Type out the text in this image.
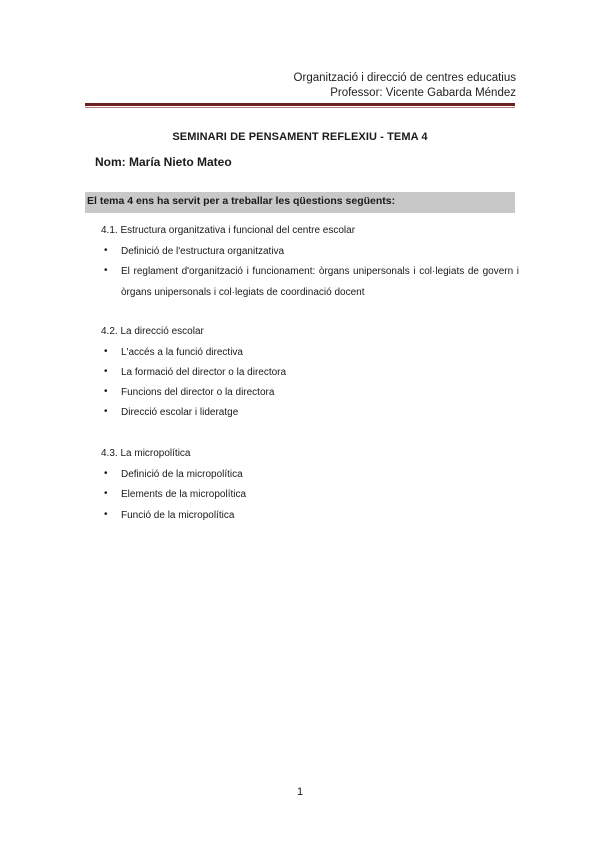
Organització i direcció de centres educatius
Professor: Vicente Gabarda Méndez
SEMINARI DE PENSAMENT REFLEXIU - TEMA 4
Nom: María Nieto Mateo
El tema 4 ens ha servit per a treballar les qüestions següents:
4.1. Estructura organitzativa i funcional del centre escolar
• Definició de l'estructura organitzativa
• El reglament d'organització i funcionament: òrgans unipersonals i col·legiats de govern i
òrgans unipersonals i col·legiats de coordinació docent
4.2. La direcció escolar
• L'accés a la funció directiva
• La formació del director o la directora
• Funcions del director o la directora
• Direcció escolar i lideratge
4.3. La micropolítica
• Definició de la micropolítica
• Elements de la micropolítica
• Funció de la micropolítica
1
